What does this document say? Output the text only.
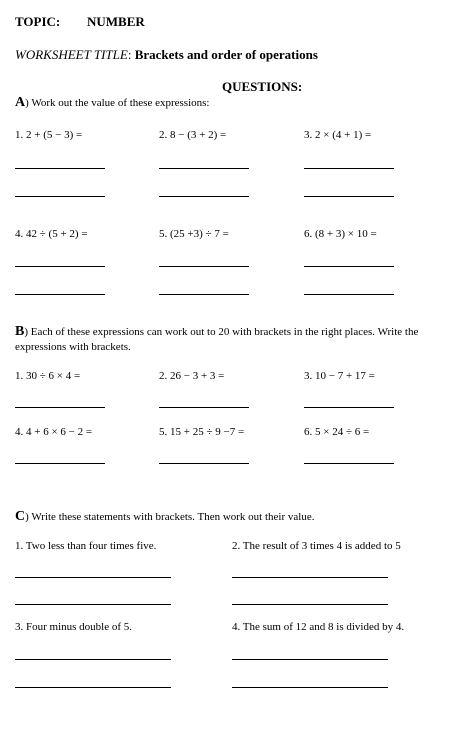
TOPIC: NUMBER
WORKSHEET TITLE: Brackets and order of operations
QUESTIONS:
A) Work out the value of these expressions:
1. 2 + (5 − 3) =	2. 8 − (3 + 2) =	3. 2 × (4 + 1) =
4. 42 ÷ (5 + 2) =	5. (25 +3) ÷ 7 =	6. (8 + 3) × 10 =
B) Each of these expressions can work out to 20 with brackets in the right places. Write the
expressions with brackets.
1. 30 ÷ 6 × 4 =	2. 26 − 3 + 3 =	3. 10 − 7 + 17 =
4. 4 + 6 × 6 − 2 =	5. 15 + 25 ÷ 9 −7 =	6. 5 × 24 ÷ 6 =
C) Write these statements with brackets. Then work out their value.
1. Two less than four times five.	2. The result of 3 times 4 is added to 5
3. Four minus double of 5.	4. The sum of 12 and 8 is divided by 4.
